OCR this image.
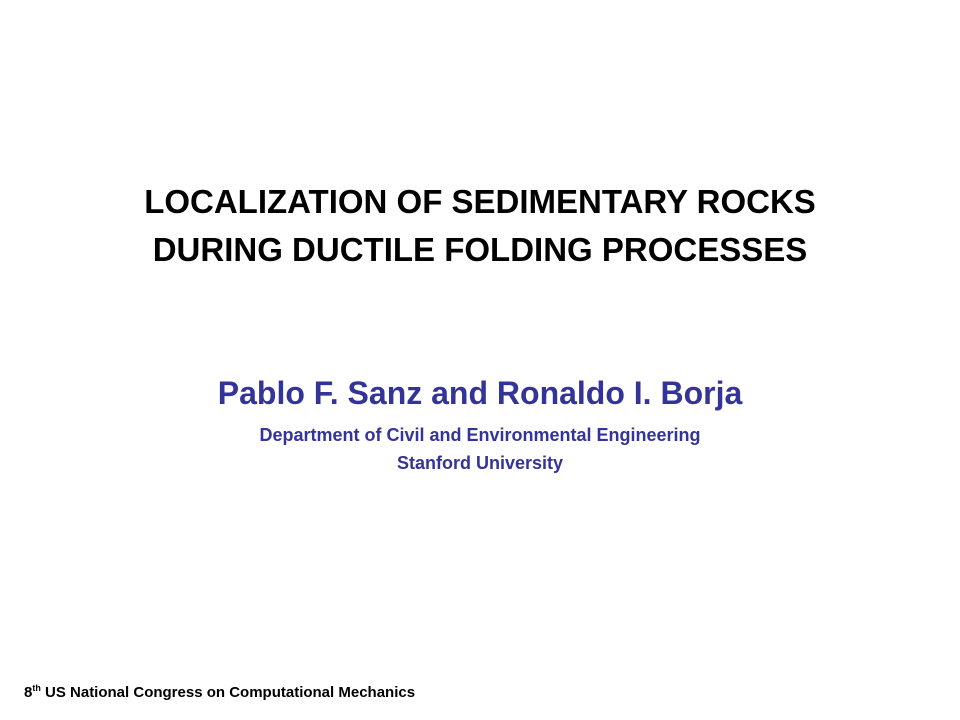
LOCALIZATION OF SEDIMENTARY ROCKS
DURING DUCTILE FOLDING PROCESSES
Pablo F. Sanz and Ronaldo I. Borja
Department of Civil and Environmental Engineering
Stanford University
8th US National Congress on Computational Mechanics
